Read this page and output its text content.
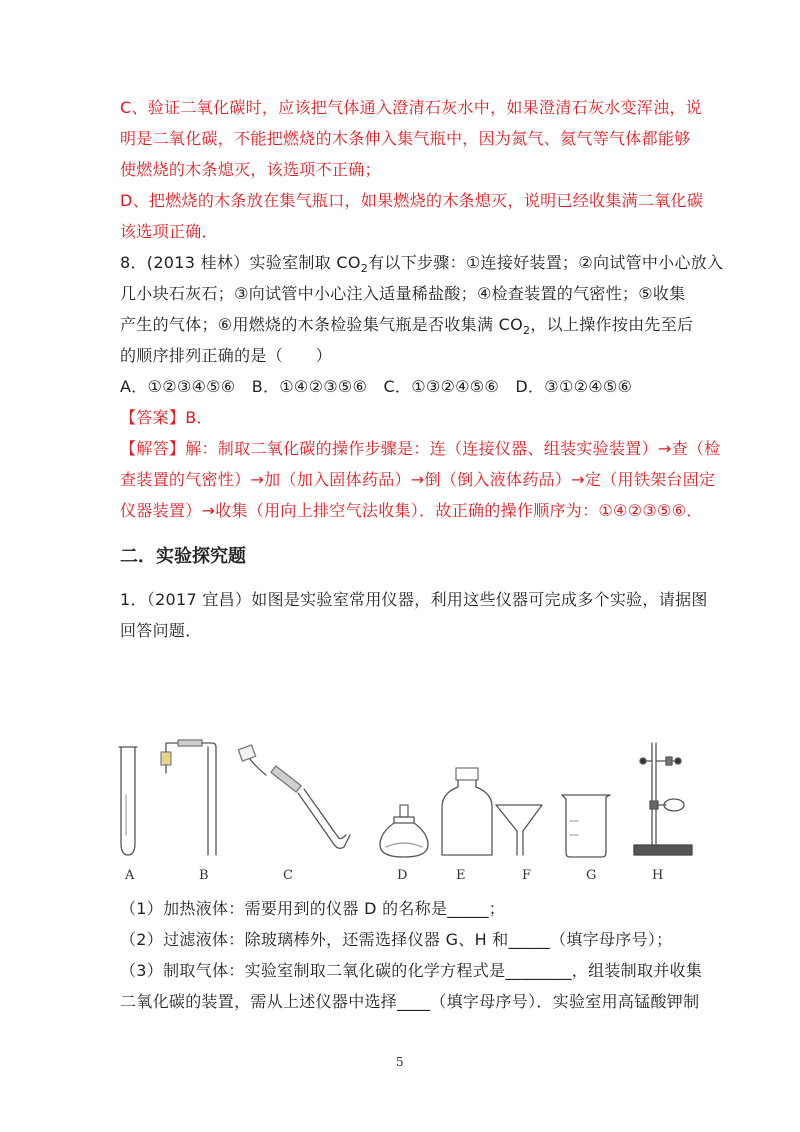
C、验证二氧化碳时，应该把气体通入澄清石灰水中，如果澄清石灰水变浑浊，说
明是二氧化碳，不能把燃烧的木条伸入集气瓶中，因为氮气、氦气等气体都能够
使燃烧的木条熄灭，该选项不正确；
D、把燃烧的木条放在集气瓶口，如果燃烧的木条熄灭，说明已经收集满二氧化碳
该选项正确．
8．(2013 桂林）实验室制取 $CO_2$有以下步骤：①连接好装置；②向试管中小心放入
几小块石灰石；③向试管中小心注入适量稀盐酸；④检查装置的气密性；⑤收集
产生的气体；⑥用燃烧的木条检验集气瓶是否收集满 $CO_2$，以上操作按由先至后
的顺序排列正确的是（　　）
A．①②③④⑤⑥　B．①④②③⑤⑥　C．①③②④⑤⑥　D．③①②④⑤⑥
【答案】B．
【解答】解：制取二氧化碳的操作步骤是：连（连接仪器、组装实验装置）→查（检
查装置的气密性）→加（加入固体药品）→倒（倒入液体药品）→定（用铁架台固定
仪器装置）→收集（用向上排空气法收集）．故正确的操作顺序为：①④②③⑤⑥．
二．实验探究题
1．（2017 宜昌）如图是实验室常用仪器，利用这些仪器可完成多个实验，请据图
回答问题．
A	B	C	D	E	F	G	H
（1）加热液体：需要用到的仪器 D 的名称是_____；
（2）过滤液体：除玻璃棒外，还需选择仪器 G、H 和_____（填字母序号）；
（3）制取气体：实验室制取二氧化碳的化学方程式是________，组装制取并收集
二氧化碳的装置，需从上述仪器中选择____（填字母序号）．实验室用高锰酸钾制
5
